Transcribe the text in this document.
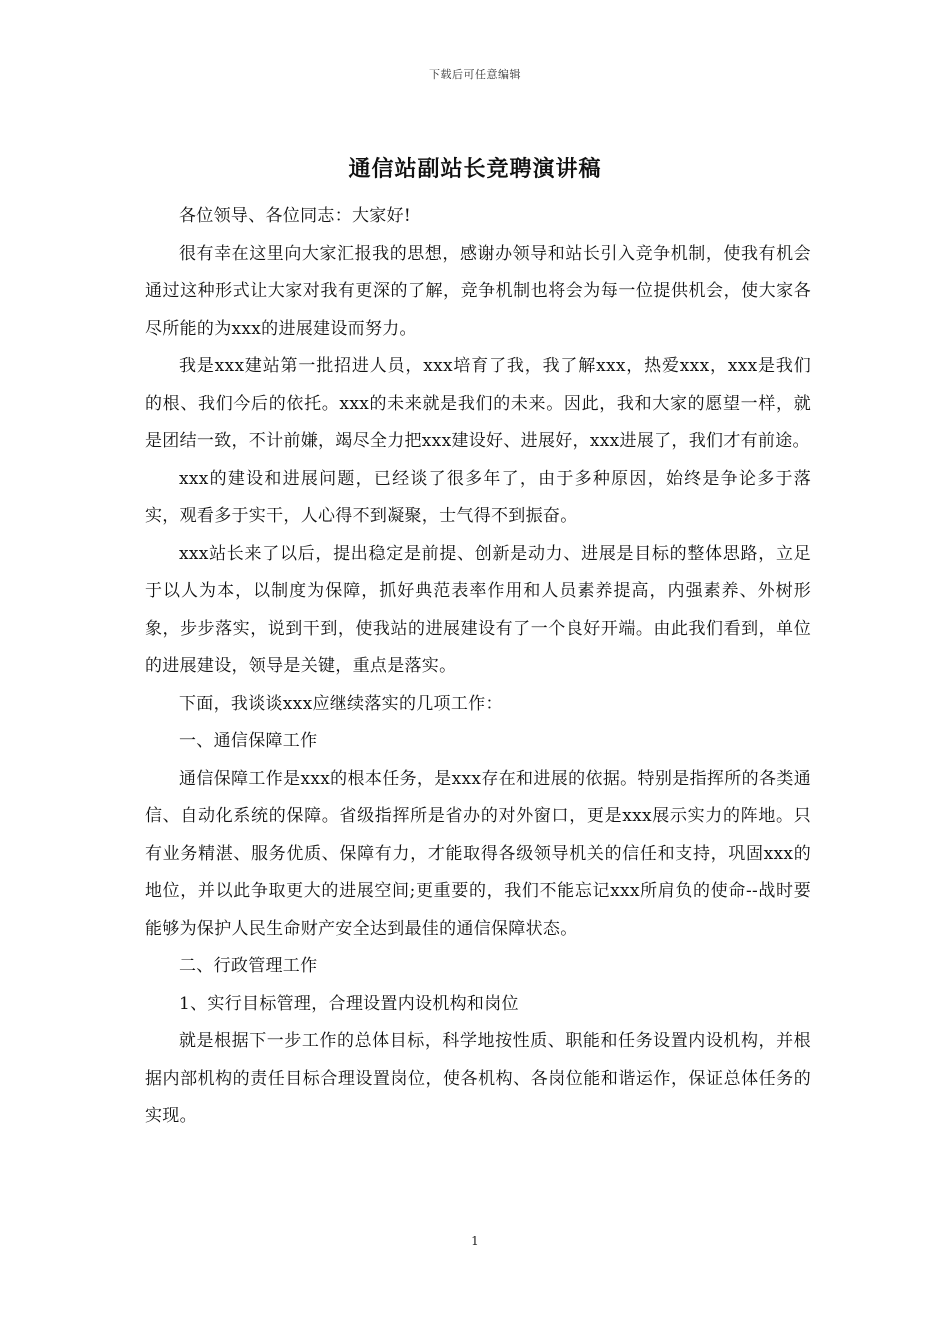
下载后可任意编辑
通信站副站长竞聘演讲稿

各位领导、各位同志：大家好!

很有幸在这里向大家汇报我的思想，感谢办领导和站长引入竞争机制，使我有机会通过这种形式让大家对我有更深的了解，竞争机制也将会为每一位提供机会，使大家各尽所能的为xxx的进展建设而努力。

我是xxx建站第一批招进人员，xxx培育了我，我了解xxx，热爱xxx，xxx是我们的根、我们今后的依托。xxx的未来就是我们的未来。因此，我和大家的愿望一样，就是团结一致，不计前嫌，竭尽全力把xxx建设好、进展好，xxx进展了，我们才有前途。

xxx的建设和进展问题，已经谈了很多年了，由于多种原因，始终是争论多于落实，观看多于实干，人心得不到凝聚，士气得不到振奋。

xxx站长来了以后，提出稳定是前提、创新是动力、进展是目标的整体思路，立足于以人为本，以制度为保障，抓好典范表率作用和人员素养提高，内强素养、外树形象，步步落实，说到干到，使我站的进展建设有了一个良好开端。由此我们看到，单位的进展建设，领导是关键，重点是落实。

下面，我谈谈xxx应继续落实的几项工作：

一、通信保障工作

通信保障工作是xxx的根本任务，是xxx存在和进展的依据。特别是指挥所的各类通信、自动化系统的保障。省级指挥所是省办的对外窗口，更是xxx展示实力的阵地。只有业务精湛、服务优质、保障有力，才能取得各级领导机关的信任和支持，巩固xxx的地位，并以此争取更大的进展空间;更重要的，我们不能忘记xxx所肩负的使命--战时要能够为保护人民生命财产安全达到最佳的通信保障状态。

二、行政管理工作

1、实行目标管理，合理设置内设机构和岗位

就是根据下一步工作的总体目标，科学地按性质、职能和任务设置内设机构，并根据内部机构的责任目标合理设置岗位，使各机构、各岗位能和谐运作，保证总体任务的实现。

1
